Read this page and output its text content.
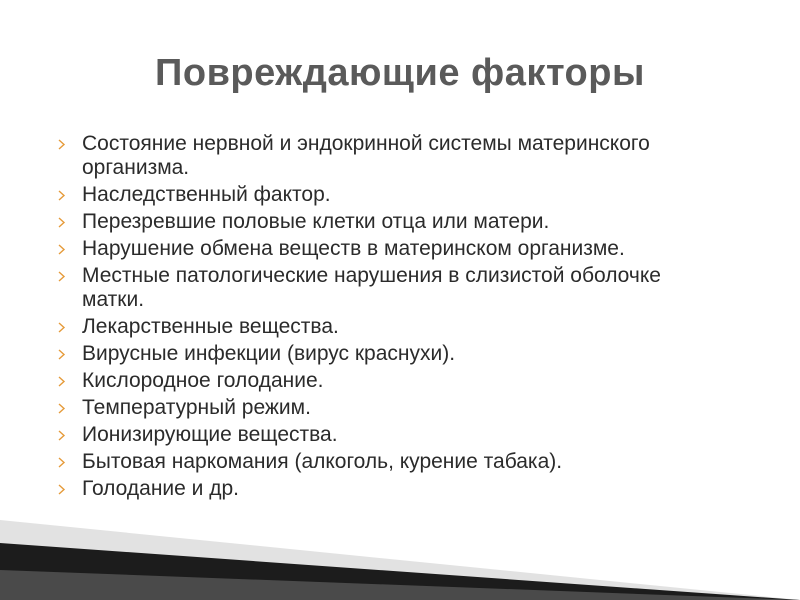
Повреждающие факторы
Состояние нервной и эндокринной системы материнского организма.
Наследственный фактор.
Перезревшие половые клетки отца или матери.
Нарушение обмена веществ в материнском организме.
Местные патологические нарушения в слизистой оболочке матки.
Лекарственные вещества.
Вирусные инфекции (вирус краснухи).
Кислородное голодание.
Температурный режим.
Ионизирующие вещества.
Бытовая наркомания (алкоголь, курение табака).
Голодание и др.
